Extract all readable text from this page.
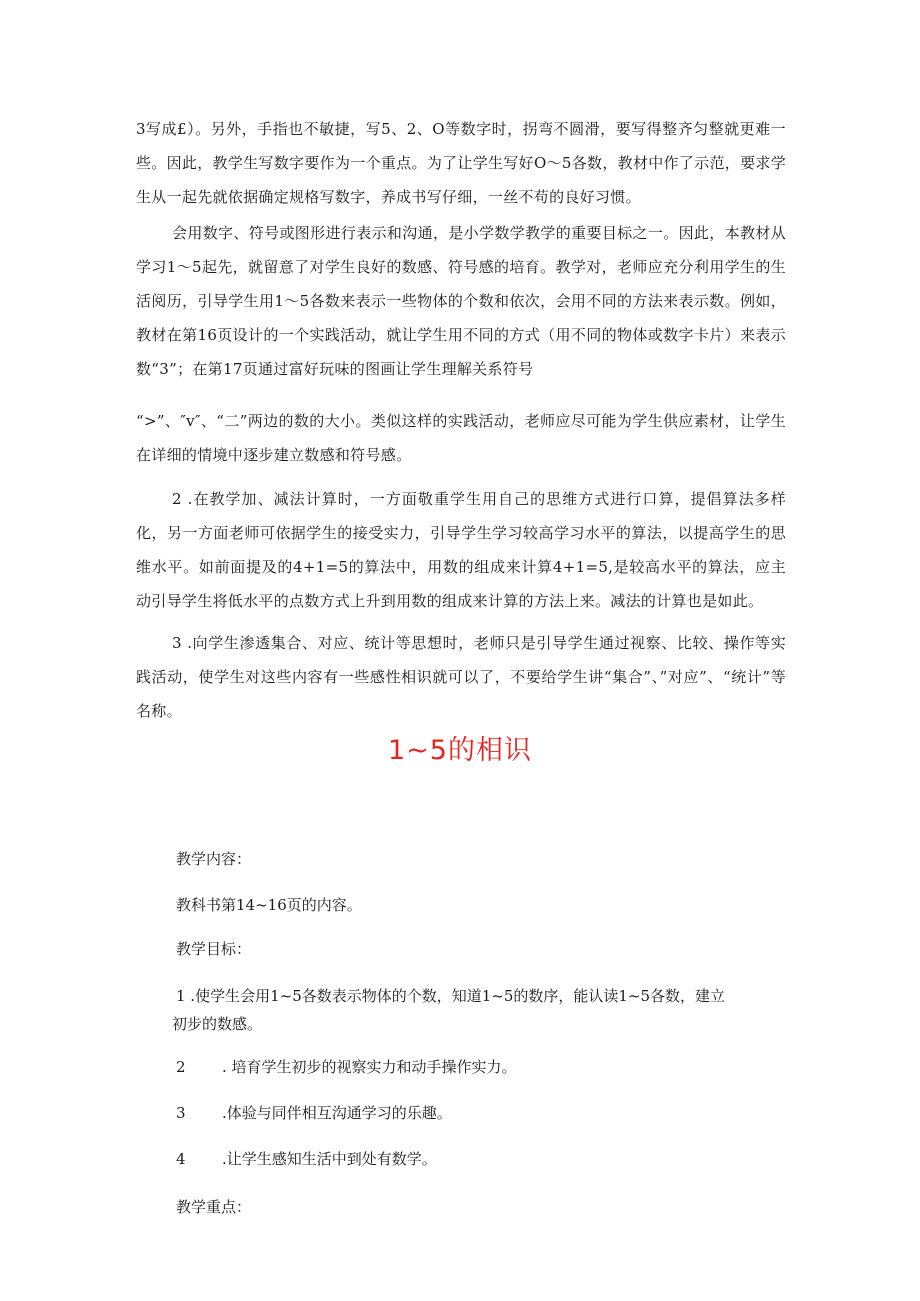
3写成£）。另外，手指也不敏捷，写5、2、O等数字时，拐弯不圆滑，要写得整齐匀整就更难一些。因此，教学生写数字要作为一个重点。为了让学生写好O～5各数，教材中作了示范，要求学生从一起先就依据确定规格写数字，养成书写仔细，一丝不苟的良好习惯。

会用数字、符号或图形进行表示和沟通，是小学数学教学的重要目标之一。因此，本教材从学习1～5起先，就留意了对学生良好的数感、符号感的培育。教学对，老师应充分利用学生的生活阅历，引导学生用1～5各数来表示一些物体的个数和依次，会用不同的方法来表示数。例如，教材在第16页设计的一个实践活动，就让学生用不同的方式（用不同的物体或数字卡片）来表示数“3”；在第17页通过富好玩味的图画让学生理解关系符号

“>”、″v″、“二”两边的数的大小。类似这样的实践活动，老师应尽可能为学生供应素材，让学生在详细的情境中逐步建立数感和符号感。

2 .在教学加、减法计算时，一方面敬重学生用自己的思维方式进行口算，提倡算法多样化，另一方面老师可依据学生的接受实力，引导学生学习较高学习水平的算法，以提高学生的思维水平。如前面提及的4+1=5的算法中，用数的组成来计算4+1=5,是较高水平的算法，应主动引导学生将低水平的点数方式上升到用数的组成来计算的方法上来。减法的计算也是如此。

3 .向学生渗透集合、对应、统计等思想时，老师只是引导学生通过视察、比较、操作等实践活动，使学生对这些内容有一些感性相识就可以了，不要给学生讲“集合”、”对应”、“统计”等名称。

1~5的相识

教学内容：

教科书第14~16页的内容。

教学目标：

1 .使学生会用1~5各数表示物体的个数，知道1~5的数序，能认读1~5各数，建立
初步的数感。

2 . 培育学生初步的视察实力和动手操作实力。

3 .体验与同伴相互沟通学习的乐趣。

4 .让学生感知生活中到处有数学。

教学重点：
